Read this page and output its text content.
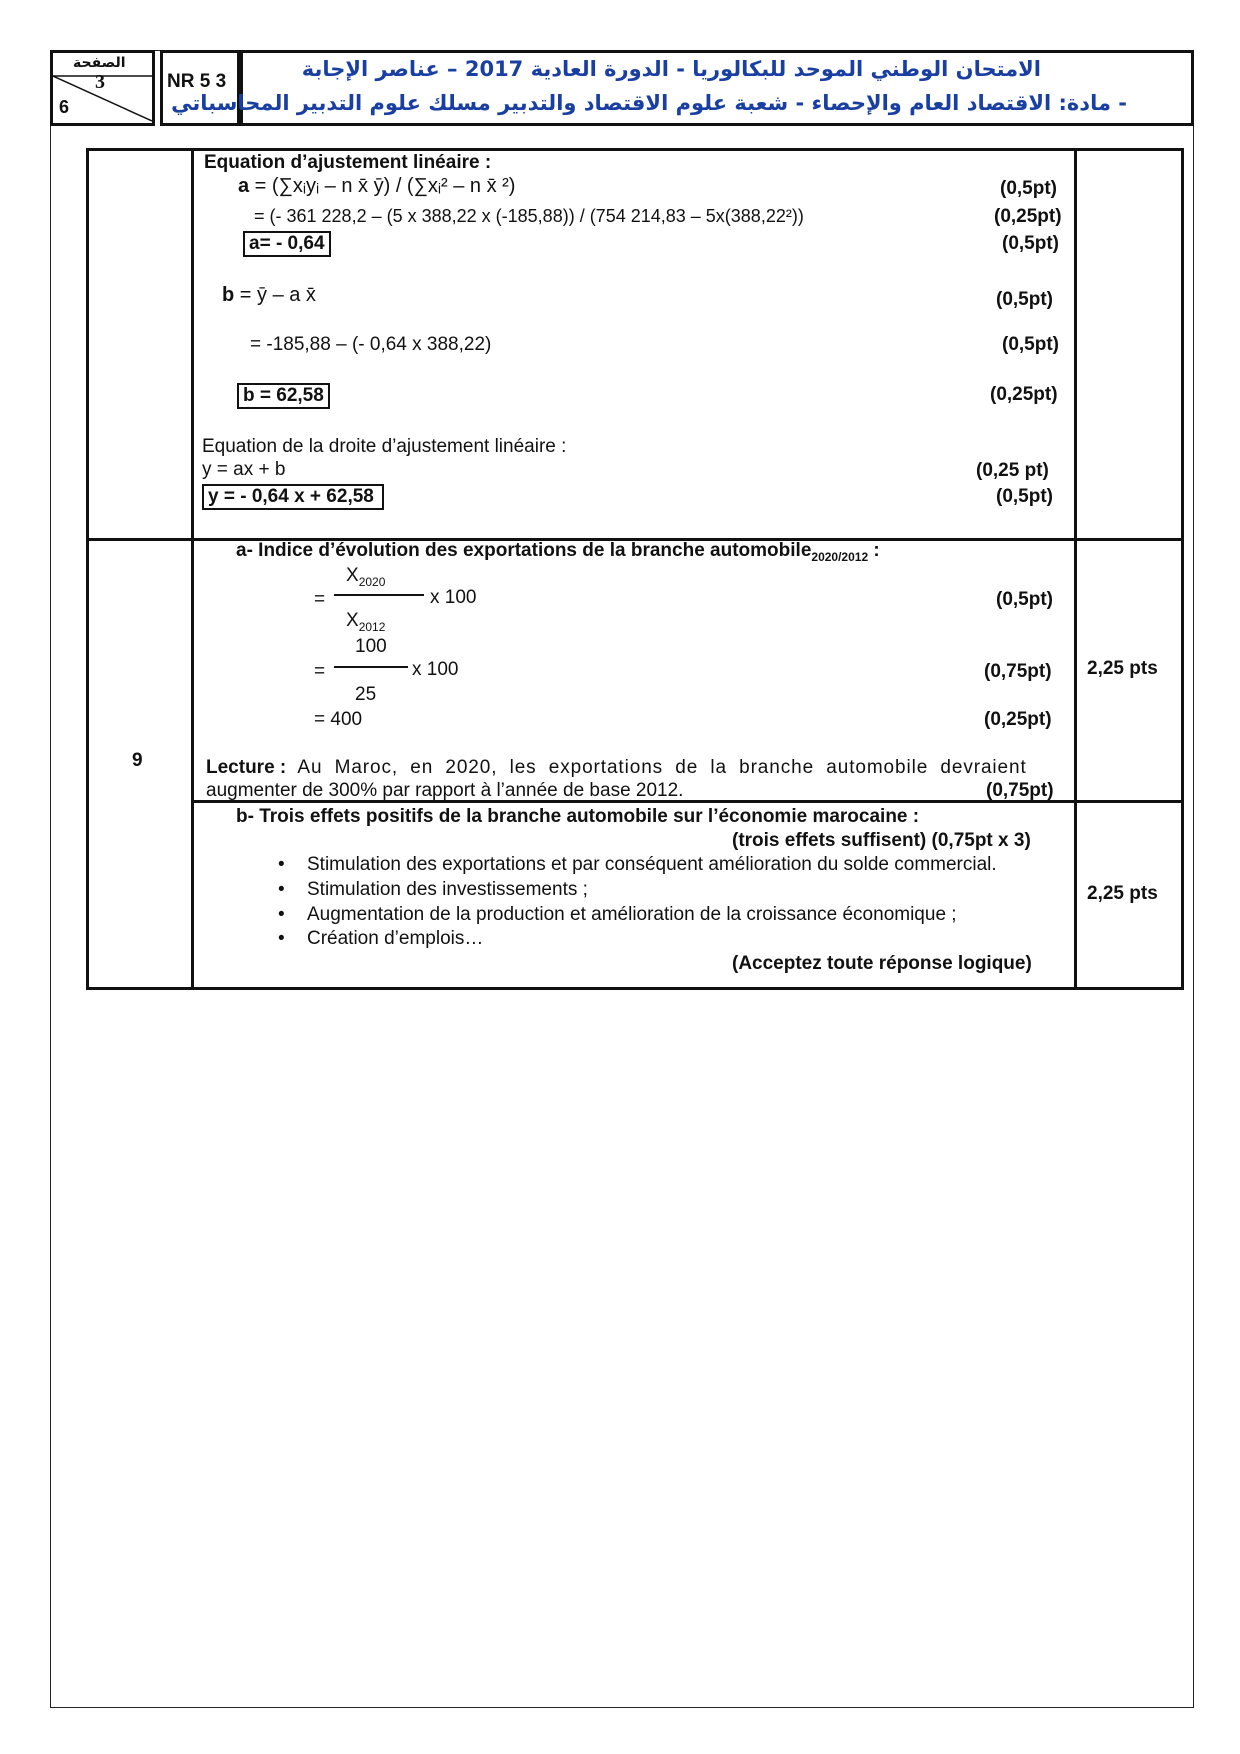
الصفحة
3
6
NR 5 3
الامتحان الوطني الموحد للبكالوريا - الدورة العادية 2017 – عناصر الإجابة
- مادة: الاقتصاد العام والإحصاء - شعبة علوم الاقتصاد والتدبير مسلك علوم التدبير المحاسباتي
Equation d’ajustement linéaire :
a = (∑xᵢyᵢ – n x̄ ȳ) / (∑xᵢ² – n x̄ ²)	(0,5pt)
= (- 361 228,2 – (5 x 388,22 x (-185,88)) / (754 214,83 – 5x(388,22²))	(0,25pt)
a= - 0,64	(0,5pt)
b = ȳ – a x̄	(0,5pt)
= -185,88 – (- 0,64 x 388,22)	(0,5pt)
b = 62,58	(0,25pt)
Equation de la droite d’ajustement linéaire :
y = ax + b	(0,25 pt)
y = - 0,64 x + 62,58	(0,5pt)
9
a- Indice d’évolution des exportations de la branche automobile$_{2020/2012}$ :
$X_{2020}$
=	x 100	(0,5pt)
$X_{2012}$
100
=	x 100	(0,75pt)
25
= 400	(0,25pt)
Lecture : Au Maroc, en 2020, les exportations de la branche automobile devraient
augmenter de 300% par rapport à l’année de base 2012.	(0,75pt)
2,25 pts
b- Trois effets positifs de la branche automobile sur l’économie marocaine :
(trois effets suffisent) (0,75pt x 3)
• Stimulation des exportations et par conséquent amélioration du solde commercial.
• Stimulation des investissements ;
• Augmentation de la production et amélioration de la croissance économique ;
• Création d’emplois…
(Acceptez toute réponse logique)
2,25 pts
